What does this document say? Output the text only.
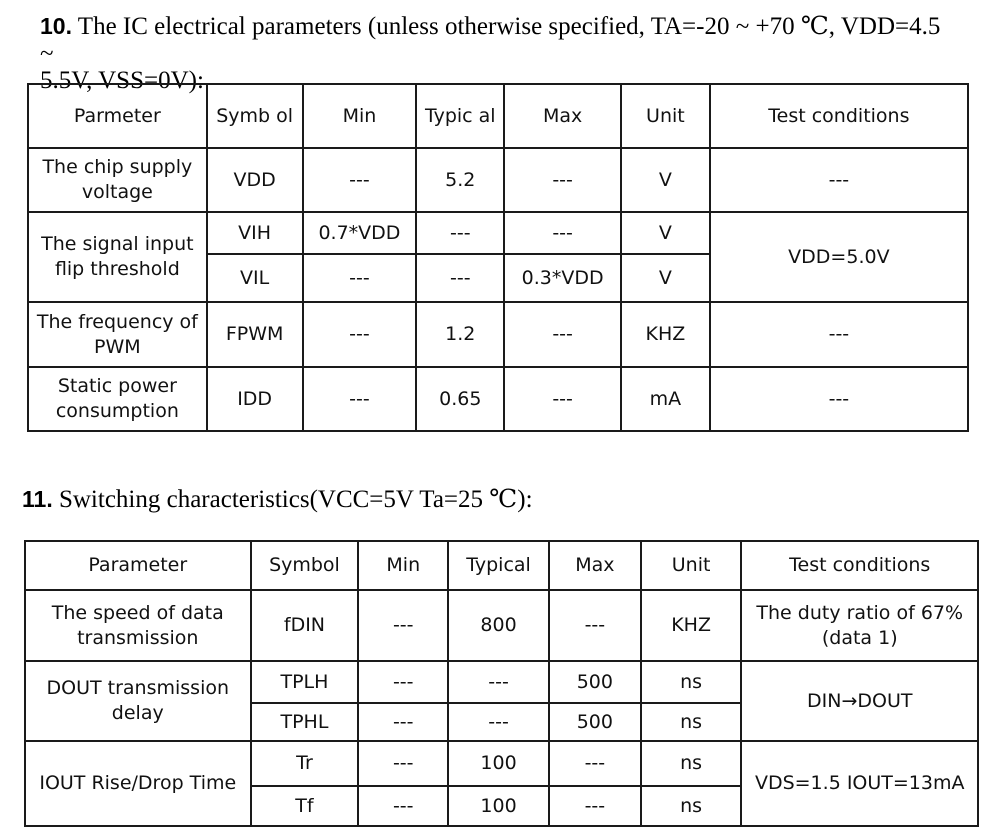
10. The IC electrical parameters (unless otherwise specified, TA=-20 ~ +70 ℃, VDD=4.5 ~
5.5V, VSS=0V):

Parmeter	Symb ol	Min	Typic al	Max	Unit	Test conditions
The chip supply voltage	VDD	---	5.2	---	V	---
The signal input flip threshold	VIH	0.7*VDD	---	---	V	VDD=5.0V
	VIL	---	---	0.3*VDD	V	
The frequency of PWM	FPWM	---	1.2	---	KHZ	---
Static power consumption	IDD	---	0.65	---	mA	---

11. Switching characteristics(VCC=5V Ta=25 ℃):

Parameter	Symbol	Min	Typical	Max	Unit	Test conditions
The speed of data transmission	fDIN	---	800	---	KHZ	The duty ratio of 67% (data 1)
DOUT transmission delay	TPLH	---	---	500	ns	DIN→DOUT
	TPHL	---	---	500	ns	
IOUT Rise/Drop Time	Tr	---	100	---	ns	VDS=1.5 IOUT=13mA
	Tf	---	100	---	ns	
